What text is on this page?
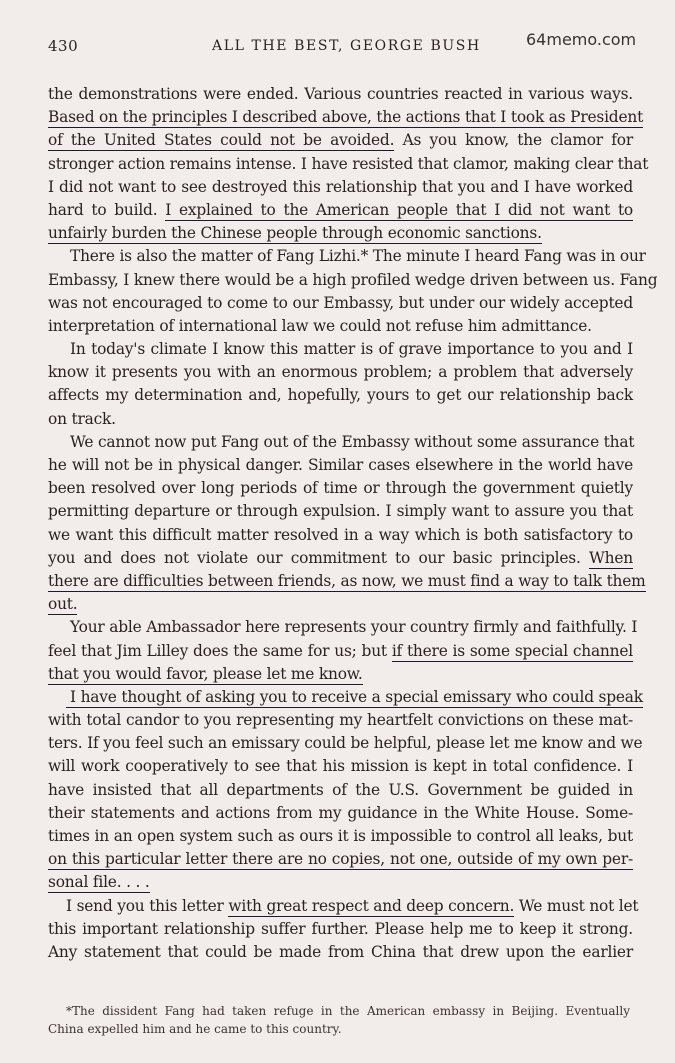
430	ALL THE BEST, GEORGE BUSH	64memo.com
the demonstrations were ended. Various countries reacted in various ways.
Based on the principles I described above, the actions that I took as President
of the United States could not be avoided. As you know, the clamor for
stronger action remains intense. I have resisted that clamor, making clear that
I did not want to see destroyed this relationship that you and I have worked
hard to build. I explained to the American people that I did not want to
unfairly burden the Chinese people through economic sanctions.
There is also the matter of Fang Lizhi.* The minute I heard Fang was in our
Embassy, I knew there would be a high profiled wedge driven between us. Fang
was not encouraged to come to our Embassy, but under our widely accepted
interpretation of international law we could not refuse him admittance.
In today's climate I know this matter is of grave importance to you and I
know it presents you with an enormous problem; a problem that adversely
affects my determination and, hopefully, yours to get our relationship back
on track.
We cannot now put Fang out of the Embassy without some assurance that
he will not be in physical danger. Similar cases elsewhere in the world have
been resolved over long periods of time or through the government quietly
permitting departure or through expulsion. I simply want to assure you that
we want this difficult matter resolved in a way which is both satisfactory to
you and does not violate our commitment to our basic principles. When
there are difficulties between friends, as now, we must find a way to talk them
out.
Your able Ambassador here represents your country firmly and faithfully. I
feel that Jim Lilley does the same for us; but if there is some special channel
that you would favor, please let me know.
I have thought of asking you to receive a special emissary who could speak
with total candor to you representing my heartfelt convictions on these mat-
ters. If you feel such an emissary could be helpful, please let me know and we
will work cooperatively to see that his mission is kept in total confidence. I
have insisted that all departments of the U.S. Government be guided in
their statements and actions from my guidance in the White House. Some-
times in an open system such as ours it is impossible to control all leaks, but
on this particular letter there are no copies, not one, outside of my own per-
sonal file. . . .
I send you this letter with great respect and deep concern. We must not let
this important relationship suffer further. Please help me to keep it strong.
Any statement that could be made from China that drew upon the earlier
*The dissident Fang had taken refuge in the American embassy in Beijing. Eventually
China expelled him and he came to this country.
